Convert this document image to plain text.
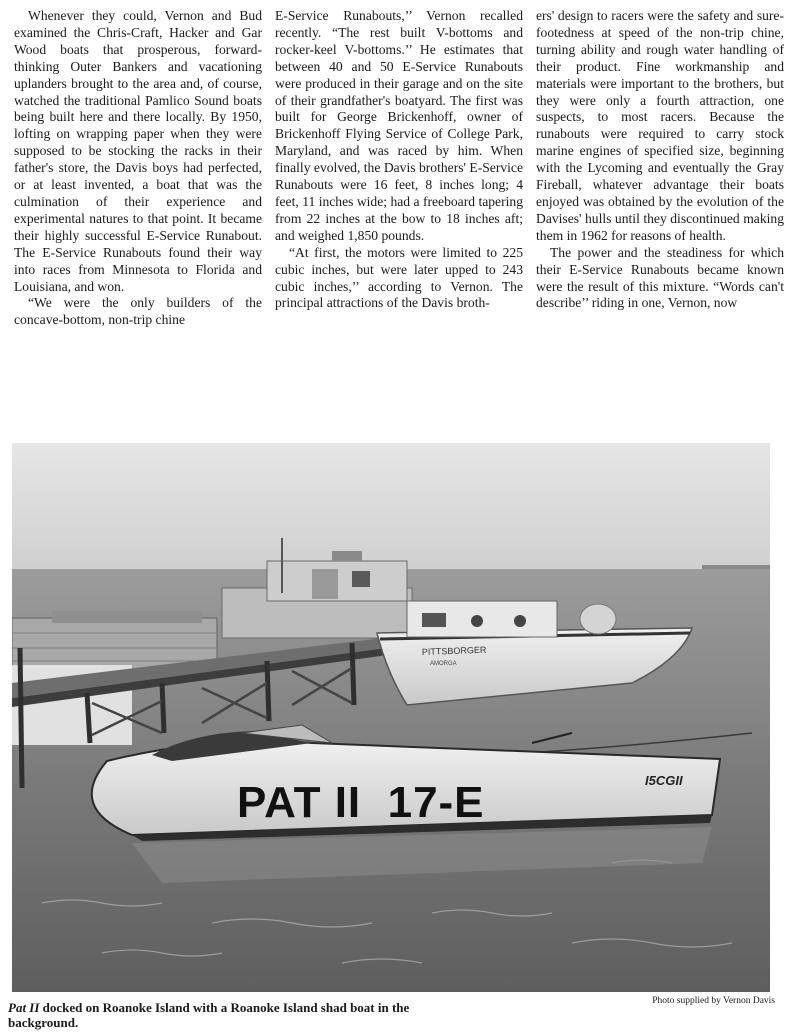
Whenever they could, Vernon and Bud examined the Chris-Craft, Hacker and Gar Wood boats that prosperous, forward-thinking Outer Bankers and vacationing uplanders brought to the area and, of course, watched the traditional Pamlico Sound boats being built here and there locally. By 1950, lofting on wrapping paper when they were supposed to be stocking the racks in their father's store, the Davis boys had perfected, or at least invented, a boat that was the culmination of their experience and experimental natures to that point. It became their highly successful E-Service Runabout. The E-Service Runabouts found their way into races from Minnesota to Florida and Louisiana, and won.

“We were the only builders of the concave-bottom, non-trip chine

E-Service Runabouts,’’ Vernon recalled recently. “The rest built V-bottoms and rocker-keel V-bottoms.’’ He estimates that between 40 and 50 E-Service Runabouts were produced in their garage and on the site of their grandfather's boatyard. The first was built for George Brickenhoff, owner of Brickenhoff Flying Service of College Park, Maryland, and was raced by him. When finally evolved, the Davis brothers' E-Service Runabouts were 16 feet, 8 inches long; 4 feet, 11 inches wide; had a freeboard tapering from 22 inches at the bow to 18 inches aft; and weighed 1,850 pounds.

“At first, the motors were limited to 225 cubic inches, but were later upped to 243 cubic inches,’’ according to Vernon. The principal attractions of the Davis broth-

ers' design to racers were the safety and sure-footedness at speed of the non-trip chine, turning ability and rough water handling of their product. Fine workmanship and materials were important to the brothers, but they were only a fourth attraction, one suspects, to most racers. Because the runabouts were required to carry stock marine engines of specified size, beginning with the Lycoming and eventually the Gray Fireball, whatever advantage their boats enjoyed was obtained by the evolution of the Davises' hulls until they discontinued making them in 1962 for reasons of health.

The power and the steadiness for which their E-Service Runabouts became known were the result of this mixture. “Words can't describe’’ riding in one, Vernon, now

PITTSBORGER
AMORGA
PAT II  17-E	I5CGII
Pat II docked on Roanoke Island with a Roanoke Island shad boat in the background.
Photo supplied by Vernon Davis
